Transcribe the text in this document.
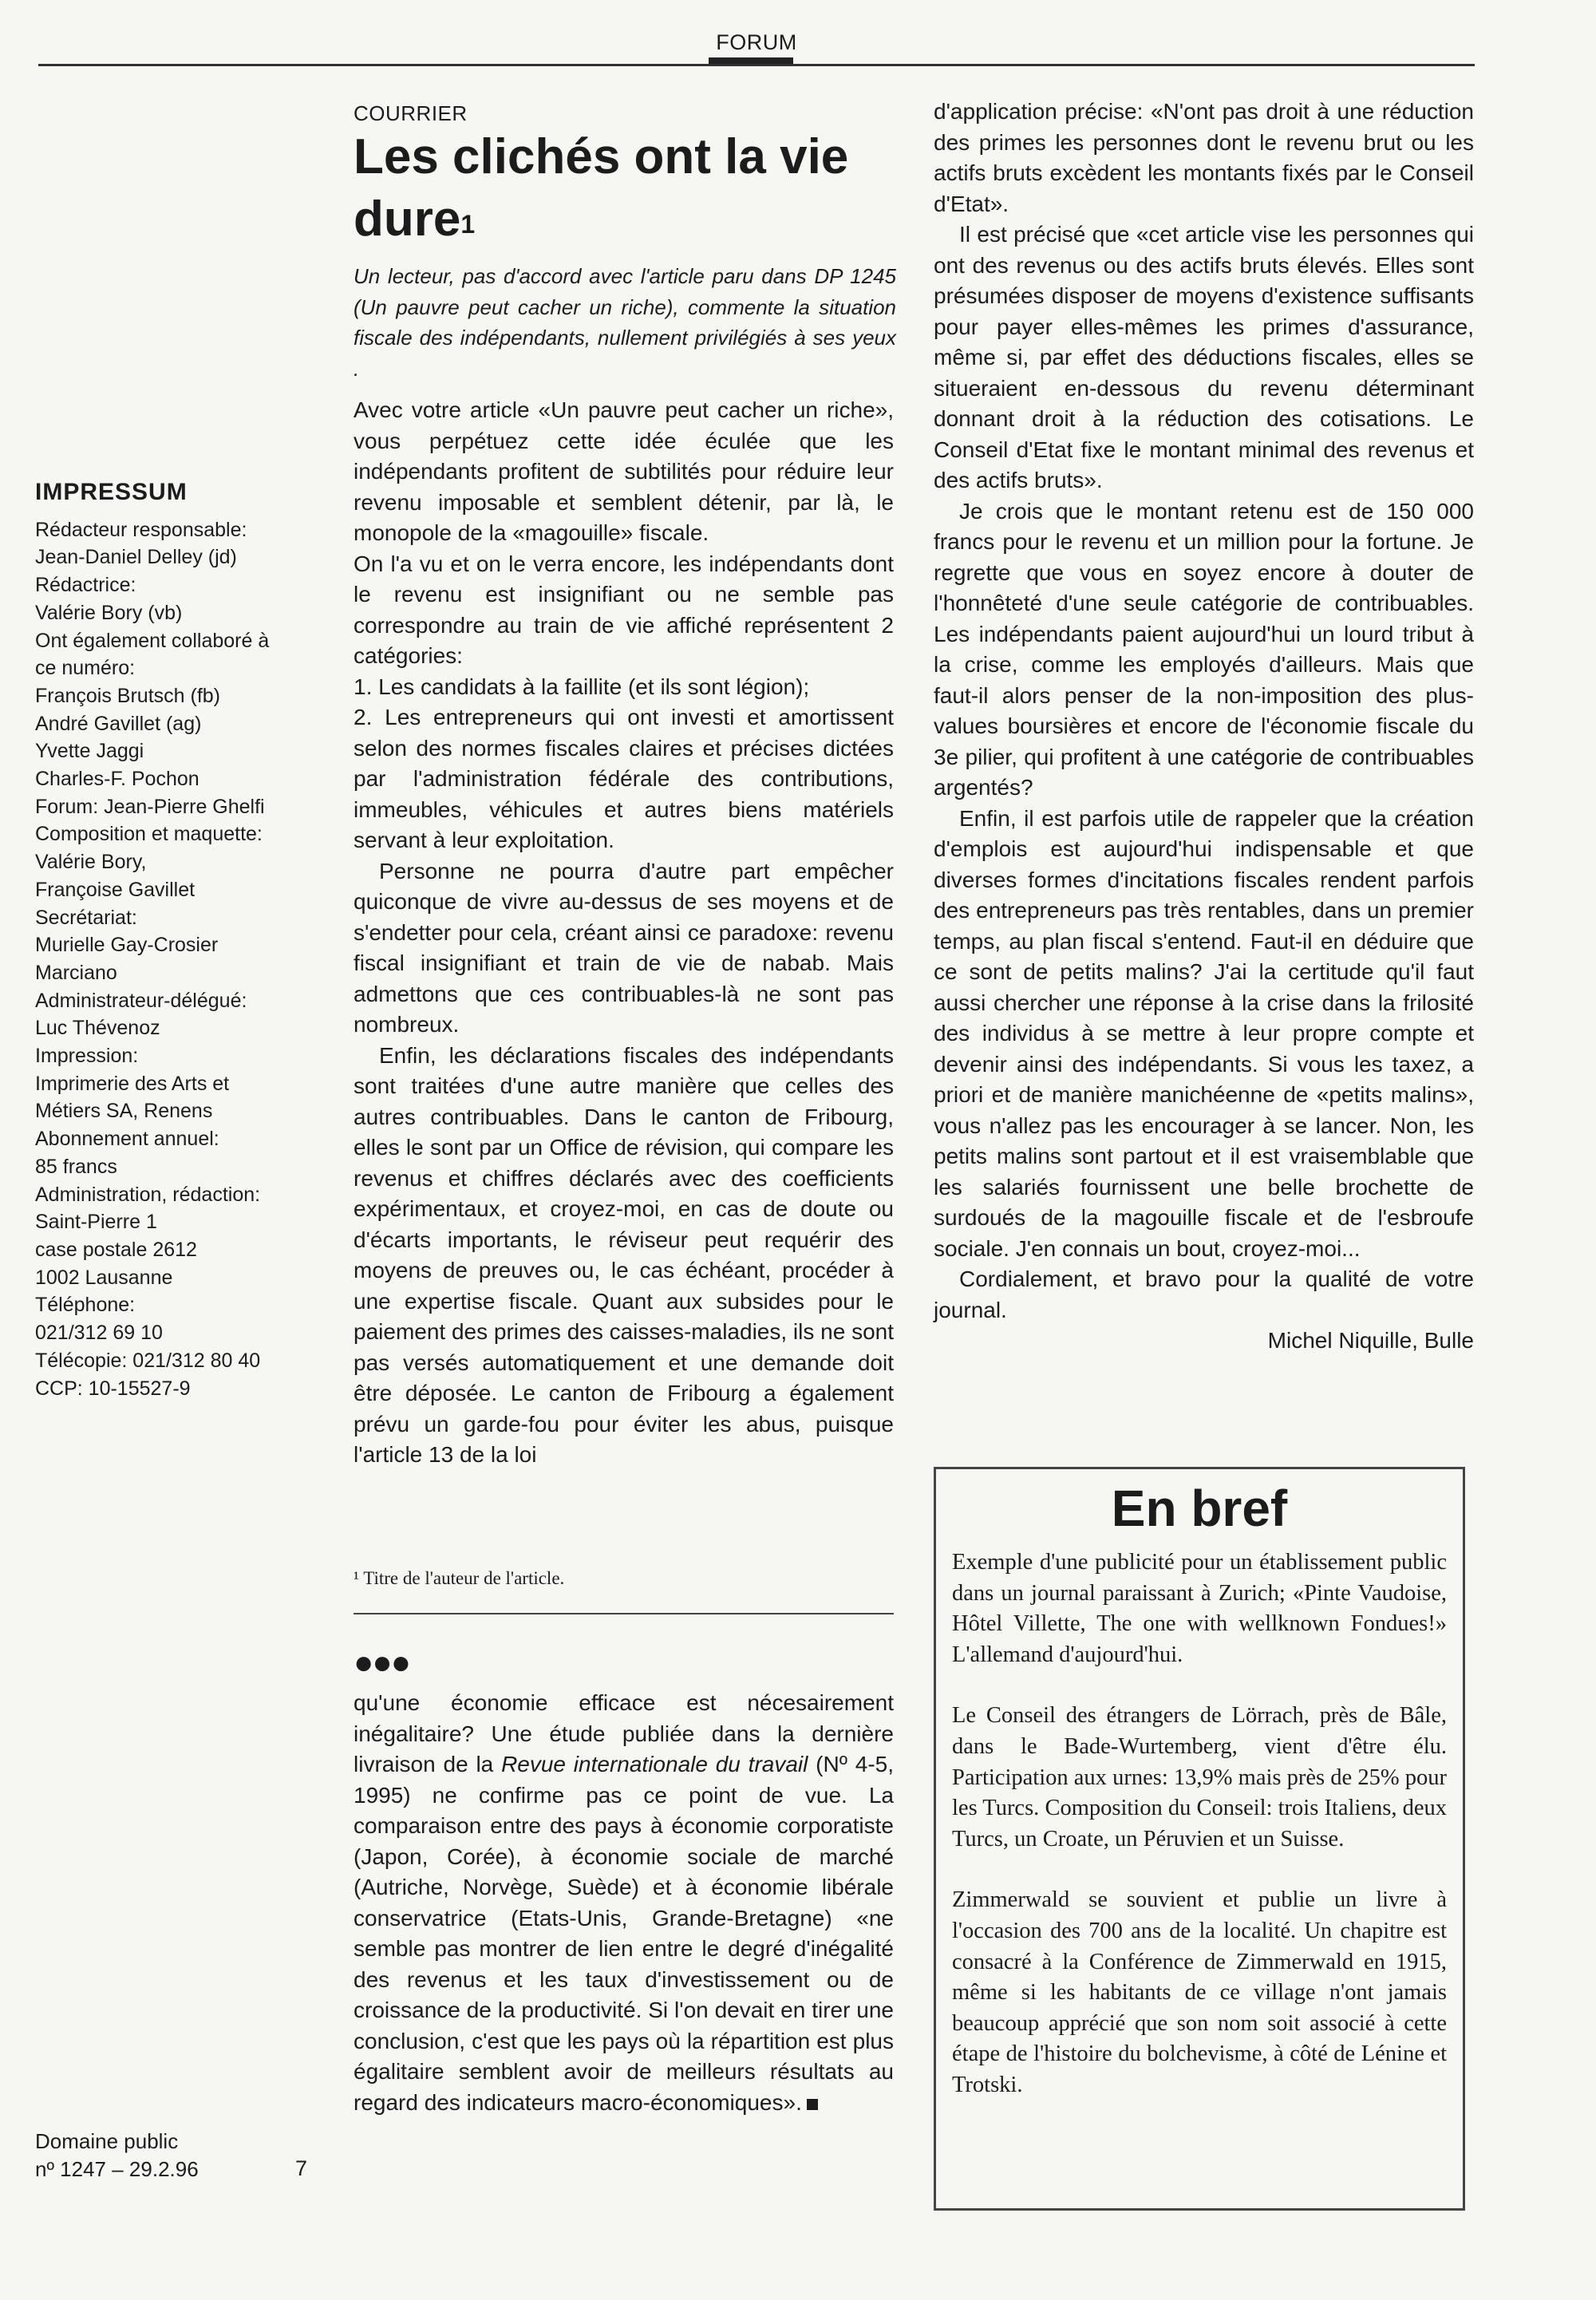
FORUM
IMPRESSUM
Rédacteur responsable:
Jean-Daniel Delley (jd)
Rédactrice:
Valérie Bory (vb)
Ont également collaboré à
ce numéro:
François Brutsch (fb)
André Gavillet (ag)
Yvette Jaggi
Charles-F. Pochon
Forum: Jean-Pierre Ghelfi
Composition et maquette:
Valérie Bory,
Françoise Gavillet
Secrétariat:
Murielle Gay-Crosier
Marciano
Administrateur-délégué:
Luc Thévenoz
Impression:
Imprimerie des Arts et
Métiers SA, Renens
Abonnement annuel:
85 francs
Administration, rédaction:
Saint-Pierre 1
case postale 2612
1002 Lausanne
Téléphone:
021/312 69 10
Télécopie: 021/312 80 40
CCP: 10-15527-9
Domaine public
nº 1247 – 29.2.96	7
COURRIER
Les clichés ont la vie dure$^1$
Un lecteur, pas d'accord avec l'article paru dans DP 1245 (Un pauvre peut cacher un riche), commente la situation fiscale des indépendants, nullement privilégiés à ses yeux .

Avec votre article «Un pauvre peut cacher un riche», vous perpétuez cette idée éculée que les indépendants profitent de subtilités pour réduire leur revenu imposable et semblent détenir, par là, le monopole de la «magouille» fiscale.

On l'a vu et on le verra encore, les indépendants dont le revenu est insignifiant ou ne semble pas correspondre au train de vie affiché représentent 2 catégories:

1. Les candidats à la faillite (et ils sont légion);

2. Les entrepreneurs qui ont investi et amortissent selon des normes fiscales claires et précises dictées par l'administration fédérale des contributions, immeubles, véhicules et autres biens matériels servant à leur exploitation.

Personne ne pourra d'autre part empêcher quiconque de vivre au-dessus de ses moyens et de s'endetter pour cela, créant ainsi ce paradoxe: revenu fiscal insignifiant et train de vie de nabab. Mais admettons que ces contribuables-là ne sont pas nombreux.

Enfin, les déclarations fiscales des indépendants sont traitées d'une autre manière que celles des autres contribuables. Dans le canton de Fribourg, elles le sont par un Office de révision, qui compare les revenus et chiffres déclarés avec des coefficients expérimentaux, et croyez-moi, en cas de doute ou d'écarts importants, le réviseur peut requérir des moyens de preuves ou, le cas échéant, procéder à une expertise fiscale. Quant aux subsides pour le paiement des primes des caisses-maladies, ils ne sont pas versés automatiquement et une demande doit être déposée. Le canton de Fribourg a également prévu un garde-fou pour éviter les abus, puisque l'article 13 de la loi

¹ Titre de l'auteur de l'article.
●●●

qu'une économie efficace est nécesairement inégalitaire? Une étude publiée dans la dernière livraison de la Revue internationale du travail (Nº 4-5, 1995) ne confirme pas ce point de vue. La comparaison entre des pays à économie corporatiste (Japon, Corée), à économie sociale de marché (Autriche, Norvège, Suède) et à économie libérale conservatrice (Etats-Unis, Grande-Bretagne) «ne semble pas montrer de lien entre le degré d'inégalité des revenus et les taux d'investissement ou de croissance de la productivité. Si l'on devait en tirer une conclusion, c'est que les pays où la répartition est plus égalitaire semblent avoir de meilleurs résultats au regard des indicateurs macro-économiques».

d'application précise: «N'ont pas droit à une réduction des primes les personnes dont le revenu brut ou les actifs bruts excèdent les montants fixés par le Conseil d'Etat».

Il est précisé que «cet article vise les personnes qui ont des revenus ou des actifs bruts élevés. Elles sont présumées disposer de moyens d'existence suffisants pour payer elles-mêmes les primes d'assurance, même si, par effet des déductions fiscales, elles se situeraient en-dessous du revenu déterminant donnant droit à la réduction des cotisations. Le Conseil d'Etat fixe le montant minimal des revenus et des actifs bruts».

Je crois que le montant retenu est de 150 000 francs pour le revenu et un million pour la fortune. Je regrette que vous en soyez encore à douter de l'honnêteté d'une seule catégorie de contribuables. Les indépendants paient aujourd'hui un lourd tribut à la crise, comme les employés d'ailleurs. Mais que faut-il alors penser de la non-imposition des plus-values boursières et encore de l'économie fiscale du 3e pilier, qui profitent à une catégorie de contribuables argentés?

Enfin, il est parfois utile de rappeler que la création d'emplois est aujourd'hui indispensable et que diverses formes d'incitations fiscales rendent parfois des entrepreneurs pas très rentables, dans un premier temps, au plan fiscal s'entend. Faut-il en déduire que ce sont de petits malins? J'ai la certitude qu'il faut aussi chercher une réponse à la crise dans la frilosité des individus à se mettre à leur propre compte et devenir ainsi des indépendants. Si vous les taxez, a priori et de manière manichéenne de «petits malins», vous n'allez pas les encourager à se lancer. Non, les petits malins sont partout et il est vraisemblable que les salariés fournissent une belle brochette de surdoués de la magouille fiscale et de l'esbroufe sociale. J'en connais un bout, croyez-moi...

Cordialement, et bravo pour la qualité de votre journal.

Michel Niquille, Bulle

En bref

Exemple d'une publicité pour un établissement public dans un journal paraissant à Zurich; «Pinte Vaudoise, Hôtel Villette, The one with wellknown Fondues!» L'allemand d'aujourd'hui.

Le Conseil des étrangers de Lörrach, près de Bâle, dans le Bade-Wurtemberg, vient d'être élu. Participation aux urnes: 13,9% mais près de 25% pour les Turcs. Composition du Conseil: trois Italiens, deux Turcs, un Croate, un Péruvien et un Suisse.

Zimmerwald se souvient et publie un livre à l'occasion des 700 ans de la localité. Un chapitre est consacré à la Conférence de Zimmerwald en 1915, même si les habitants de ce village n'ont jamais beaucoup apprécié que son nom soit associé à cette étape de l'histoire du bolchevisme, à côté de Lénine et Trotski.
